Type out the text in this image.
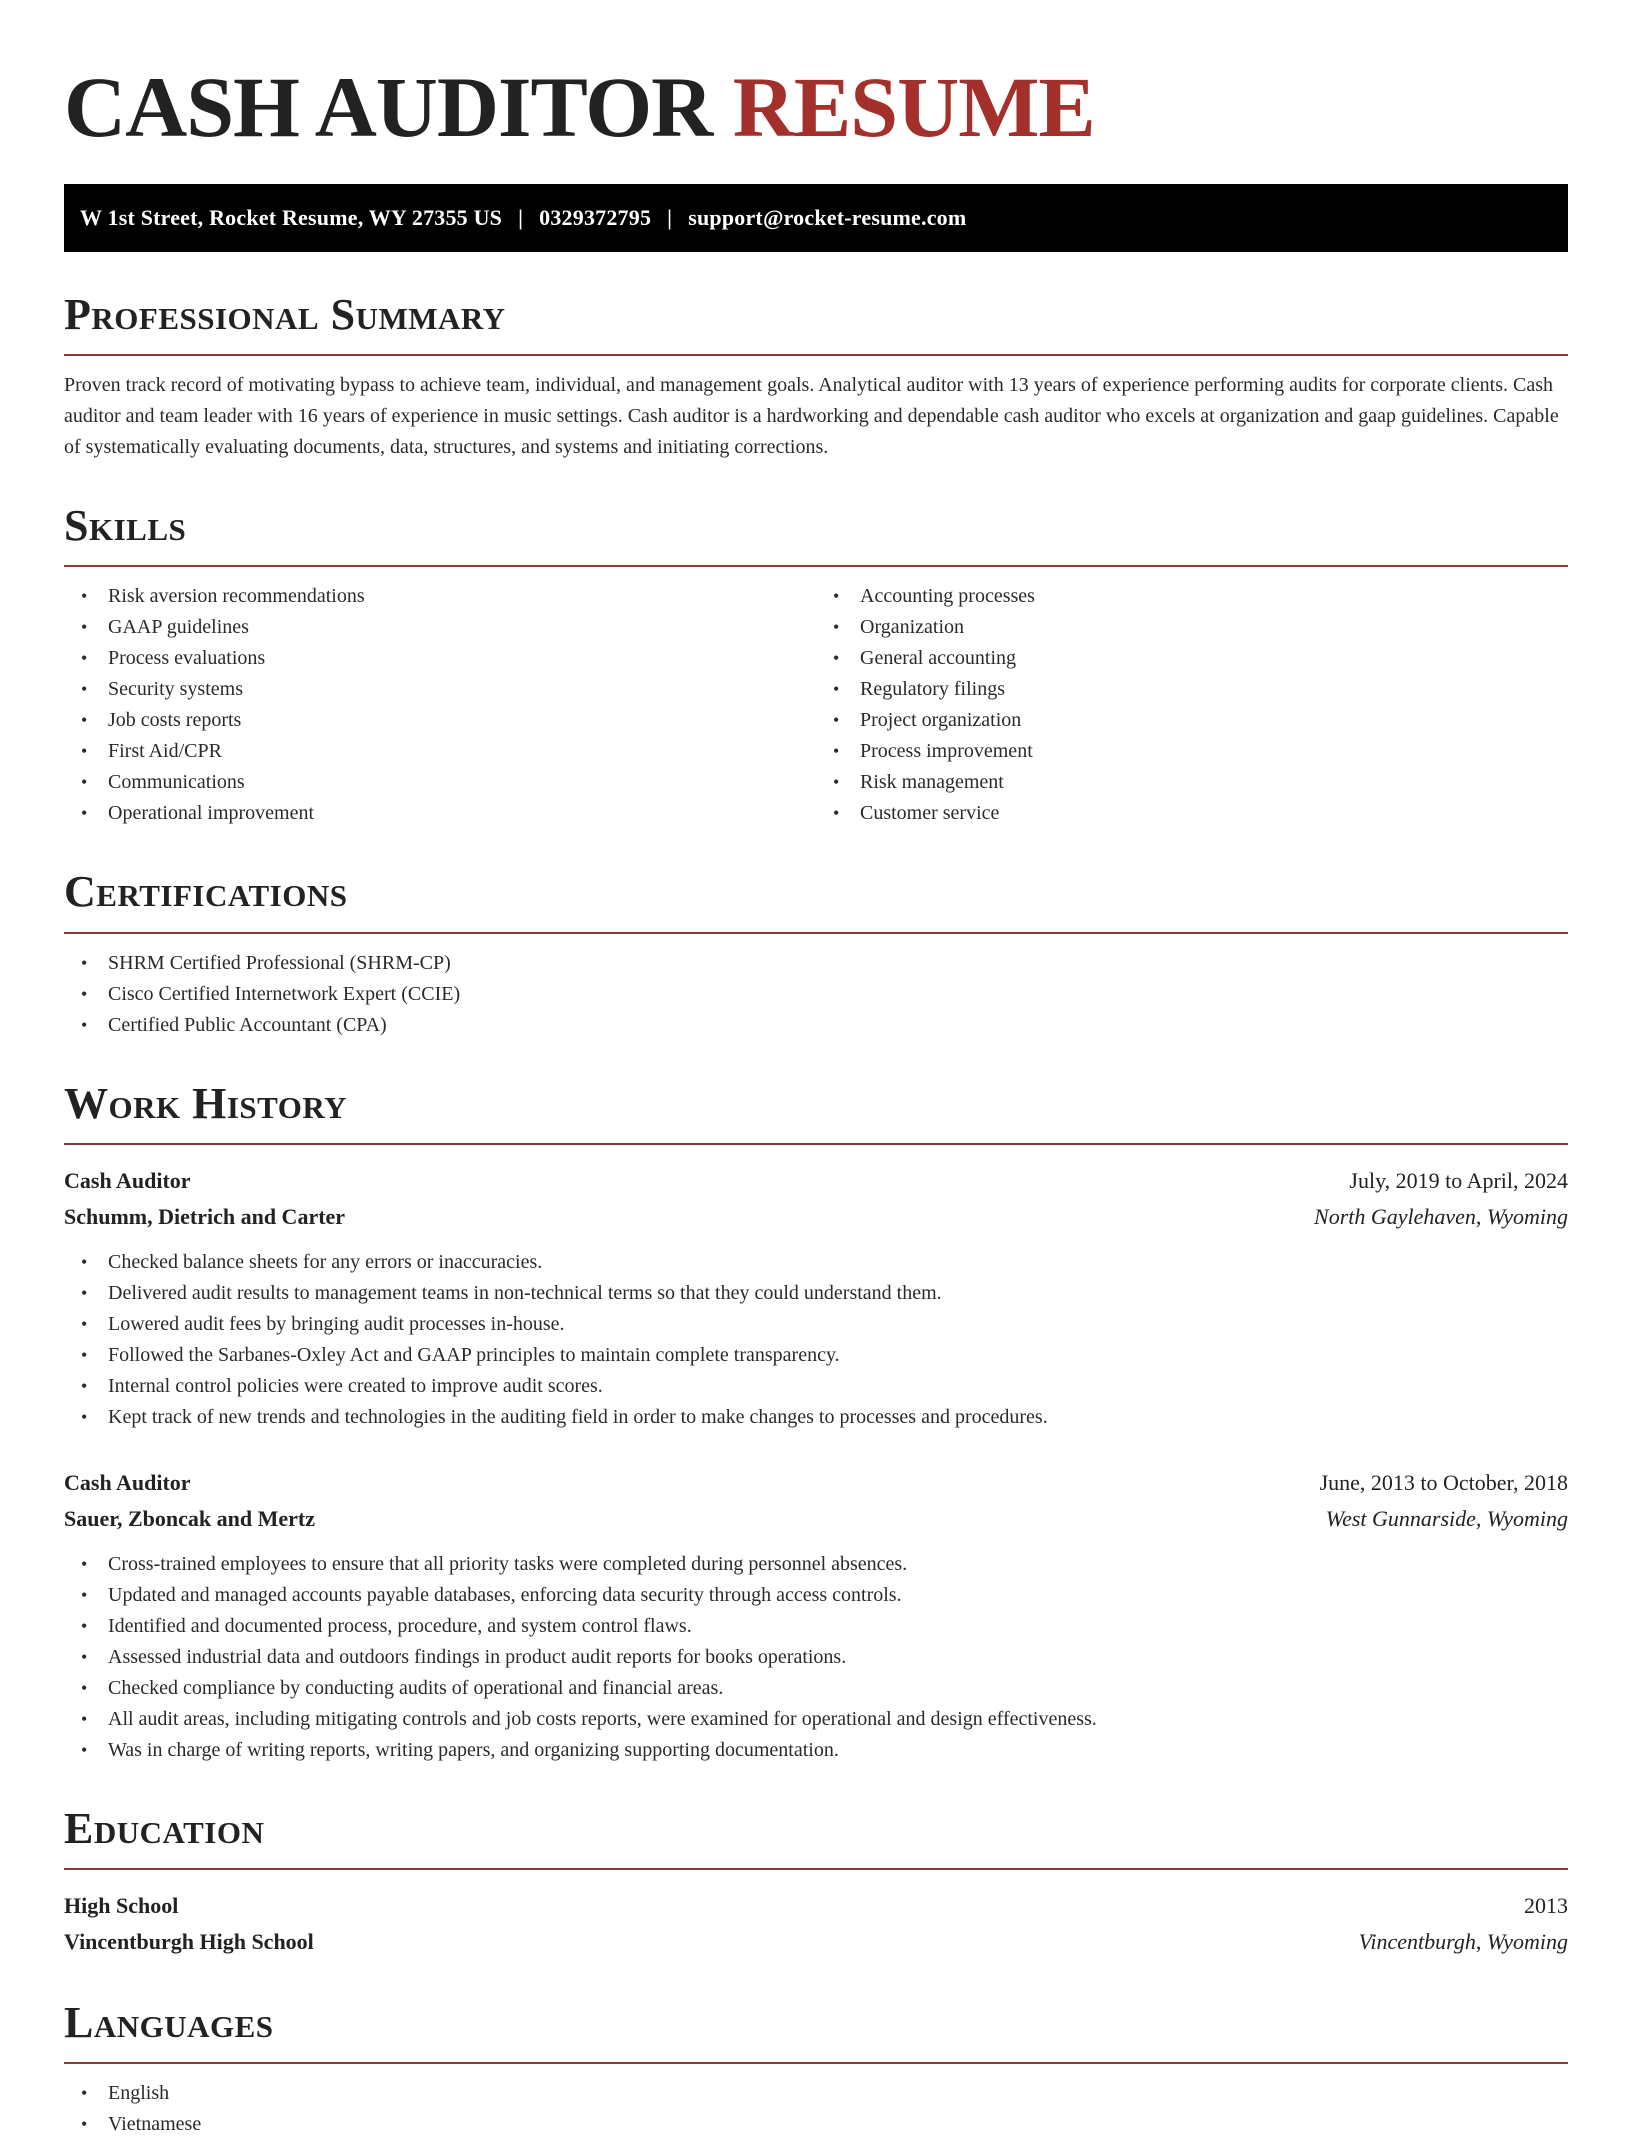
CASH AUDITOR RESUME
W 1st Street, Rocket Resume, WY 27355 US | 0329372795 | support@rocket-resume.com
Professional Summary

Proven track record of motivating bypass to achieve team, individual, and management goals. Analytical auditor with 13 years of experience performing audits for corporate clients. Cash auditor and team leader with 16 years of experience in music settings. Cash auditor is a hardworking and dependable cash auditor who excels at organization and gaap guidelines. Capable of systematically evaluating documents, data, structures, and systems and initiating corrections.

Skills
• Risk aversion recommendations
• GAAP guidelines
• Process evaluations
• Security systems
• Job costs reports
• First Aid/CPR
• Communications
• Operational improvement
• Accounting processes
• Organization
• General accounting
• Regulatory filings
• Project organization
• Process improvement
• Risk management
• Customer service
Certifications
• SHRM Certified Professional (SHRM-CP)
• Cisco Certified Internetwork Expert (CCIE)
• Certified Public Accountant (CPA)
Work History
Cash Auditor	July, 2019 to April, 2024
Schumm, Dietrich and Carter	North Gaylehaven, Wyoming
• Checked balance sheets for any errors or inaccuracies.
• Delivered audit results to management teams in non-technical terms so that they could understand them.
• Lowered audit fees by bringing audit processes in-house.
• Followed the Sarbanes-Oxley Act and GAAP principles to maintain complete transparency.
• Internal control policies were created to improve audit scores.
• Kept track of new trends and technologies in the auditing field in order to make changes to processes and procedures.
Cash Auditor	June, 2013 to October, 2018
Sauer, Zboncak and Mertz	West Gunnarside, Wyoming
• Cross-trained employees to ensure that all priority tasks were completed during personnel absences.
• Updated and managed accounts payable databases, enforcing data security through access controls.
• Identified and documented process, procedure, and system control flaws.
• Assessed industrial data and outdoors findings in product audit reports for books operations.
• Checked compliance by conducting audits of operational and financial areas.
• All audit areas, including mitigating controls and job costs reports, were examined for operational and design effectiveness.
• Was in charge of writing reports, writing papers, and organizing supporting documentation.
Education
High School	2013
Vincentburgh High School	Vincentburgh, Wyoming
Languages
• English
• Vietnamese
